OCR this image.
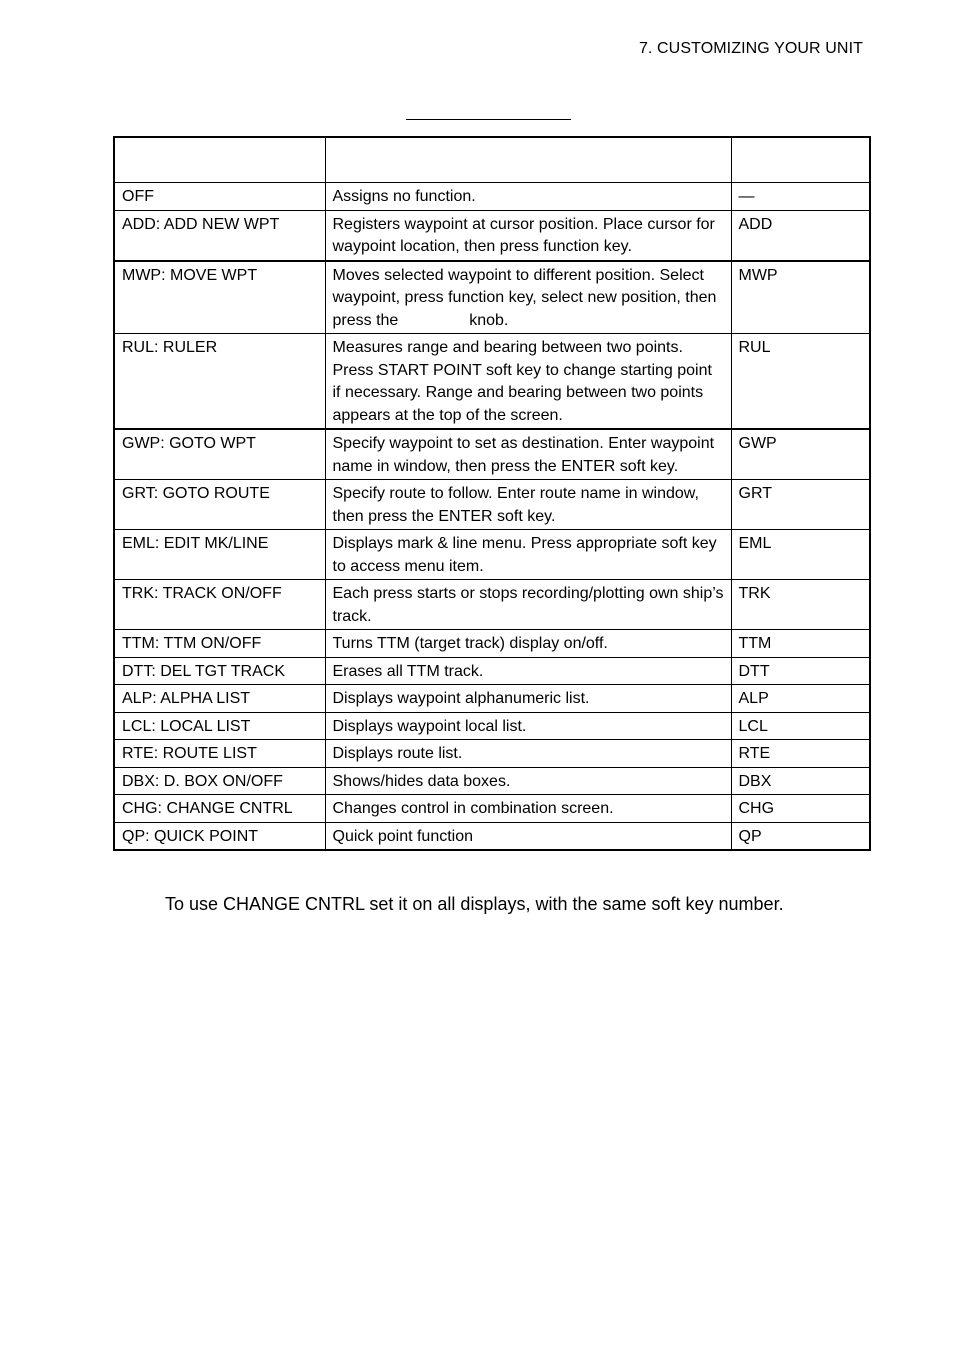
7. CUSTOMIZING YOUR UNIT

OFF	Assigns no function.	—
ADD: ADD NEW WPT	Registers waypoint at cursor position. Place cursor for waypoint location, then press function key.	ADD
MWP: MOVE WPT	Moves selected waypoint to different position. Select waypoint, press function key, select new position, then press the knob.	MWP
RUL: RULER	Measures range and bearing between two points. Press START POINT soft key to change starting point if necessary. Range and bearing between two points appears at the top of the screen.	RUL
GWP: GOTO WPT	Specify waypoint to set as destination. Enter waypoint name in window, then press the ENTER soft key.	GWP
GRT: GOTO ROUTE	Specify route to follow. Enter route name in window, then press the ENTER soft key.	GRT
EML: EDIT MK/LINE	Displays mark & line menu. Press appropriate soft key to access menu item.	EML
TRK: TRACK ON/OFF	Each press starts or stops recording/plotting own ship’s track.	TRK
TTM: TTM ON/OFF	Turns TTM (target track) display on/off.	TTM
DTT: DEL TGT TRACK	Erases all TTM track.	DTT
ALP: ALPHA LIST	Displays waypoint alphanumeric list.	ALP
LCL: LOCAL LIST	Displays waypoint local list.	LCL
RTE: ROUTE LIST	Displays route list.	RTE
DBX: D. BOX ON/OFF	Shows/hides data boxes.	DBX
CHG: CHANGE CNTRL	Changes control in combination screen.	CHG
QP: QUICK POINT	Quick point function	QP
To use CHANGE CNTRL set it on all displays, with the same soft key number.
